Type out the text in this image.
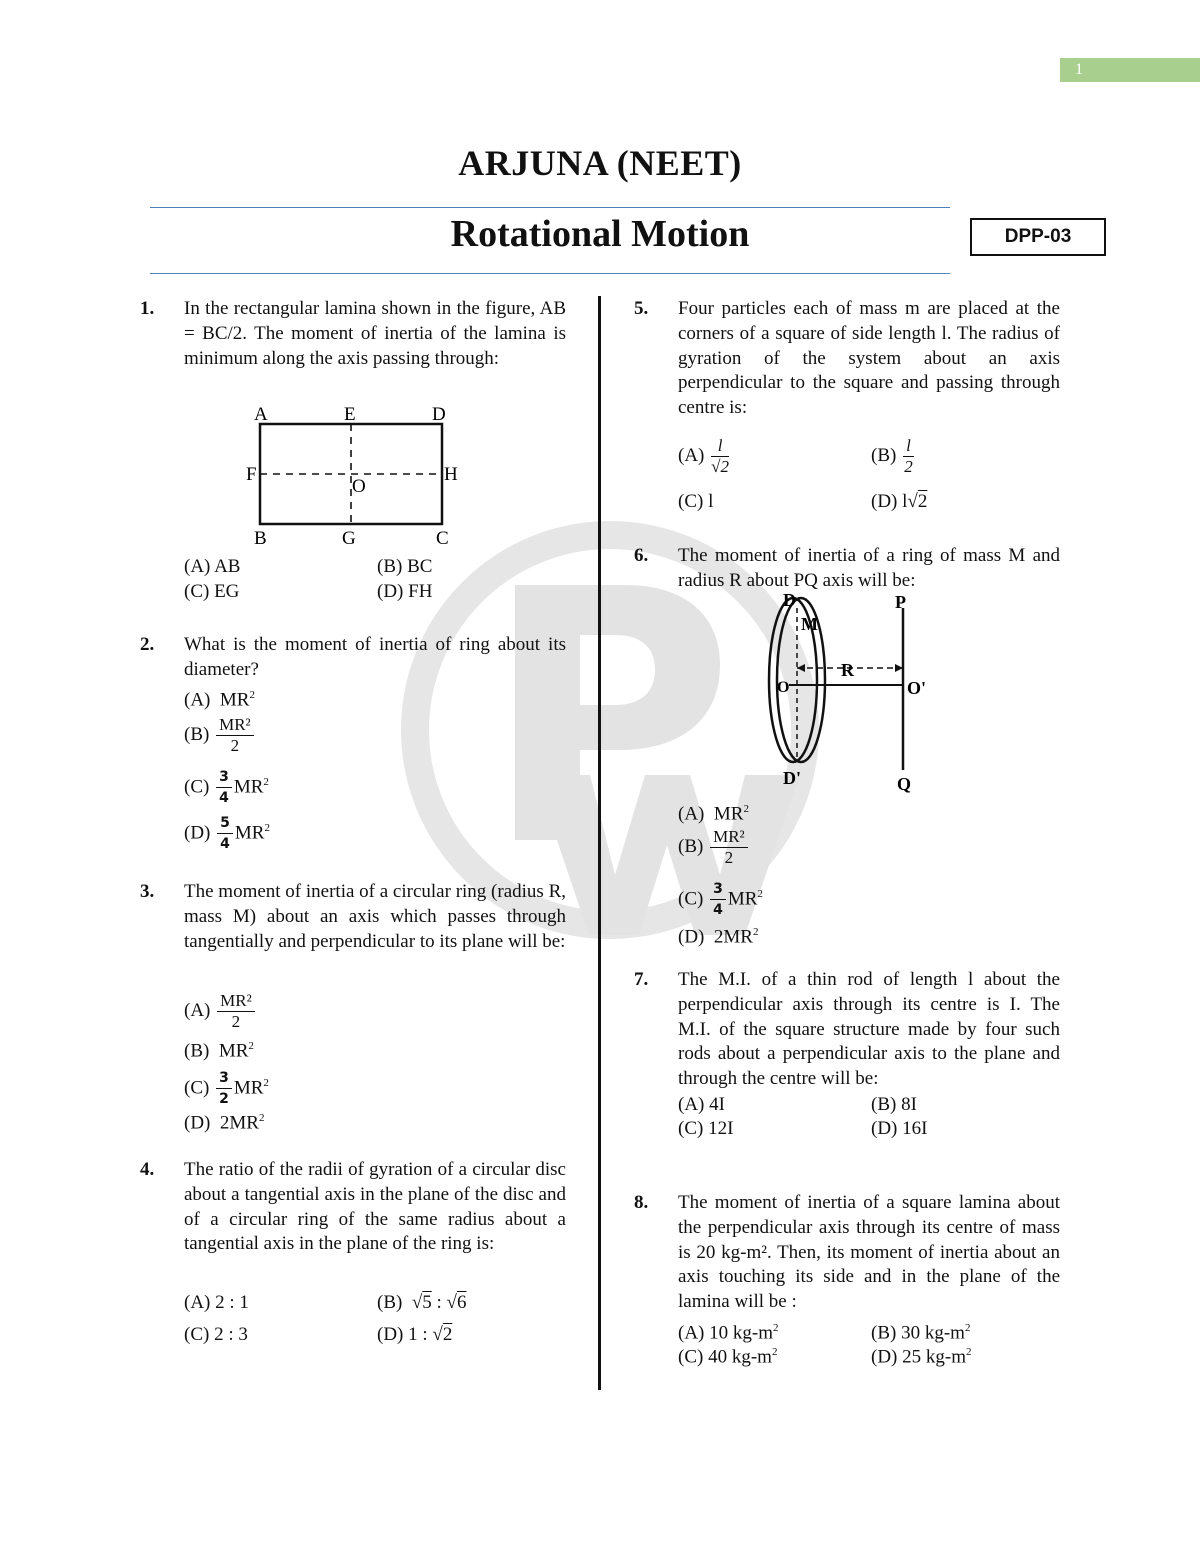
1
ARJUNA (NEET)
Rotational Motion	DPP-03
1. In the rectangular lamina shown in the figure, AB = BC/2. The moment of inertia of the lamina is minimum along the axis passing through:
A	E	D
F
O
H
B	G	C
(A) AB	(B) BC
(C) EG	(D) FH
2. What is the moment of inertia of ring about its diameter?
(A) $MR^2$
$(B) \frac{\text{MR²}}{2}$
$(C) \frac{3}{4} MR^2$
$(D) \frac{5}{4} MR^2$
3. The moment of inertia of a circular ring (radius R, mass M) about an axis which passes through tangentially and perpendicular to its plane will be:
$(A) \frac{\text{MR²}}{2}$
(B) $MR^2$
$(C) \frac{3}{2} MR^2$
(D) $2MR^2$
4. The ratio of the radii of gyration of a circular disc about a tangential axis in the plane of the disc and of a circular ring of the same radius about a tangential axis in the plane of the ring is:
(A) 2 : 1	(B) √5 : √6
(C) 2 : 3	(D) 1 : √2
5. Four particles each of mass m are placed at the corners of a square of side length l. The radius of gyration of the system about an axis perpendicular to the square and passing through centre is:
$(A) \frac{l}{√2}$	$(B) \frac{l}{2}$
(C) l	(D) l√2
6. The moment of inertia of a ring of mass M and radius R about PQ axis will be:
D	P
M
R
O	O'
D'	Q
(A) $MR^2$
$(B) \frac{\text{MR²}}{2}$
$(C) \frac{3}{4} MR^2$
(D) $2MR^2$
7. The M.I. of a thin rod of length l about the perpendicular axis through its centre is I. The M.I. of the square structure made by four such rods about a perpendicular axis to the plane and through the centre will be:
(A) 4I	(B) 8I
(C) 12I	(D) 16I
8. The moment of inertia of a square lamina about the perpendicular axis through its centre of mass is 20 kg-m². Then, its moment of inertia about an axis touching its side and in the plane of the lamina will be :
(A) 10 $kg-m^2$	(B) 30 $kg-m^2$
(C) 40 $kg-m^2$	(D) 25 $kg-m^2$
